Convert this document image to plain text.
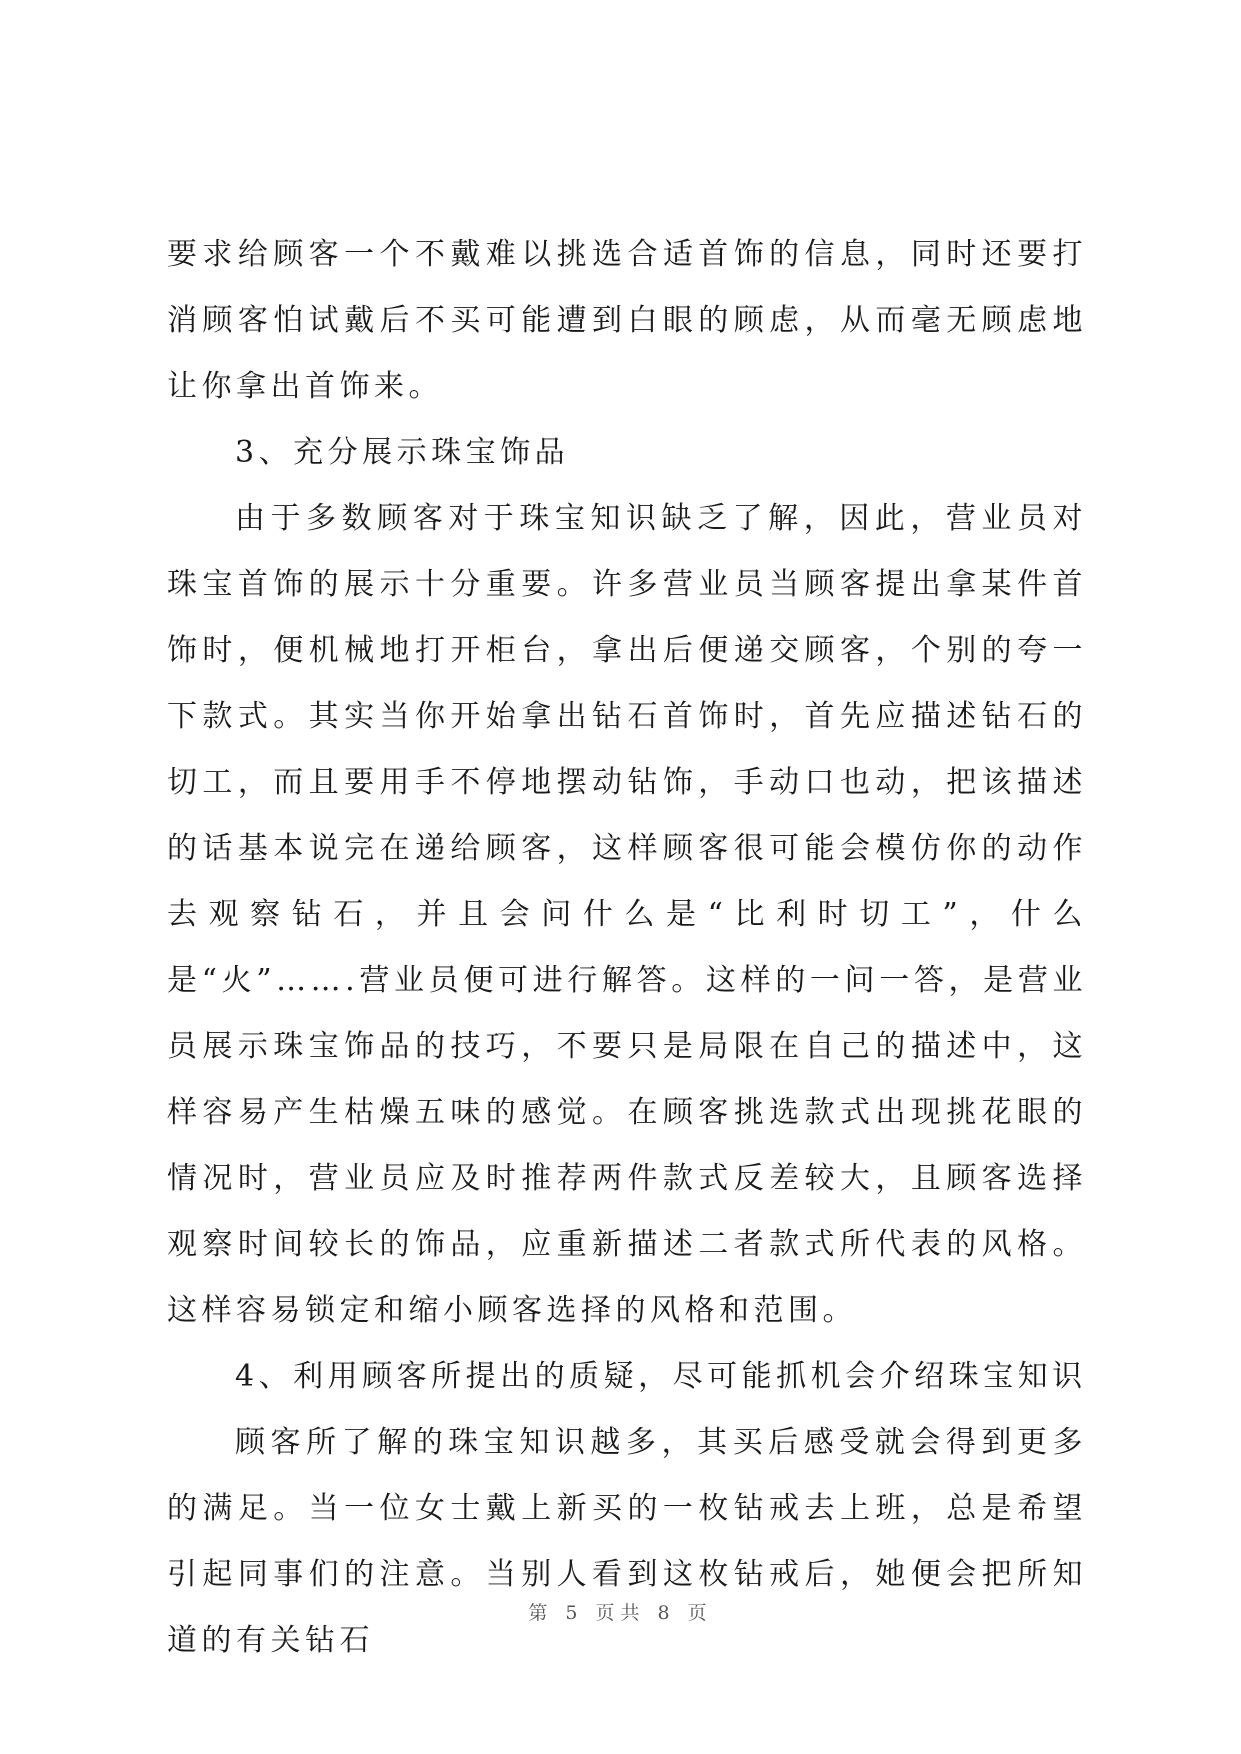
要求给顾客一个不戴难以挑选合适首饰的信息，同时还要打消顾客怕试戴后不买可能遭到白眼的顾虑，从而毫无顾虑地让你拿出首饰来。

3、充分展示珠宝饰品

由于多数顾客对于珠宝知识缺乏了解，因此，营业员对珠宝首饰的展示十分重要。许多营业员当顾客提出拿某件首饰时，便机械地打开柜台，拿出后便递交顾客，个别的夸一下款式。其实当你开始拿出钻石首饰时，首先应描述钻石的切工，而且要用手不停地摆动钻饰，手动口也动，把该描述的话基本说完在递给顾客，这样顾客很可能会模仿你的动作去观察钻石，并且会问什么是“比利时切工”，什么是“火”…….营业员便可进行解答。这样的一问一答，是营业员展示珠宝饰品的技巧，不要只是局限在自己的描述中，这样容易产生枯燥五味的感觉。在顾客挑选款式出现挑花眼的情况时，营业员应及时推荐两件款式反差较大，且顾客选择观察时间较长的饰品，应重新描述二者款式所代表的风格。这样容易锁定和缩小顾客选择的风格和范围。

4、利用顾客所提出的质疑，尽可能抓机会介绍珠宝知识

顾客所了解的珠宝知识越多，其买后感受就会得到更多的满足。当一位女士戴上新买的一枚钻戒去上班，总是希望引起同事们的注意。当别人看到这枚钻戒后，她便会把所知道的有关钻石

第 5 页共 8 页
